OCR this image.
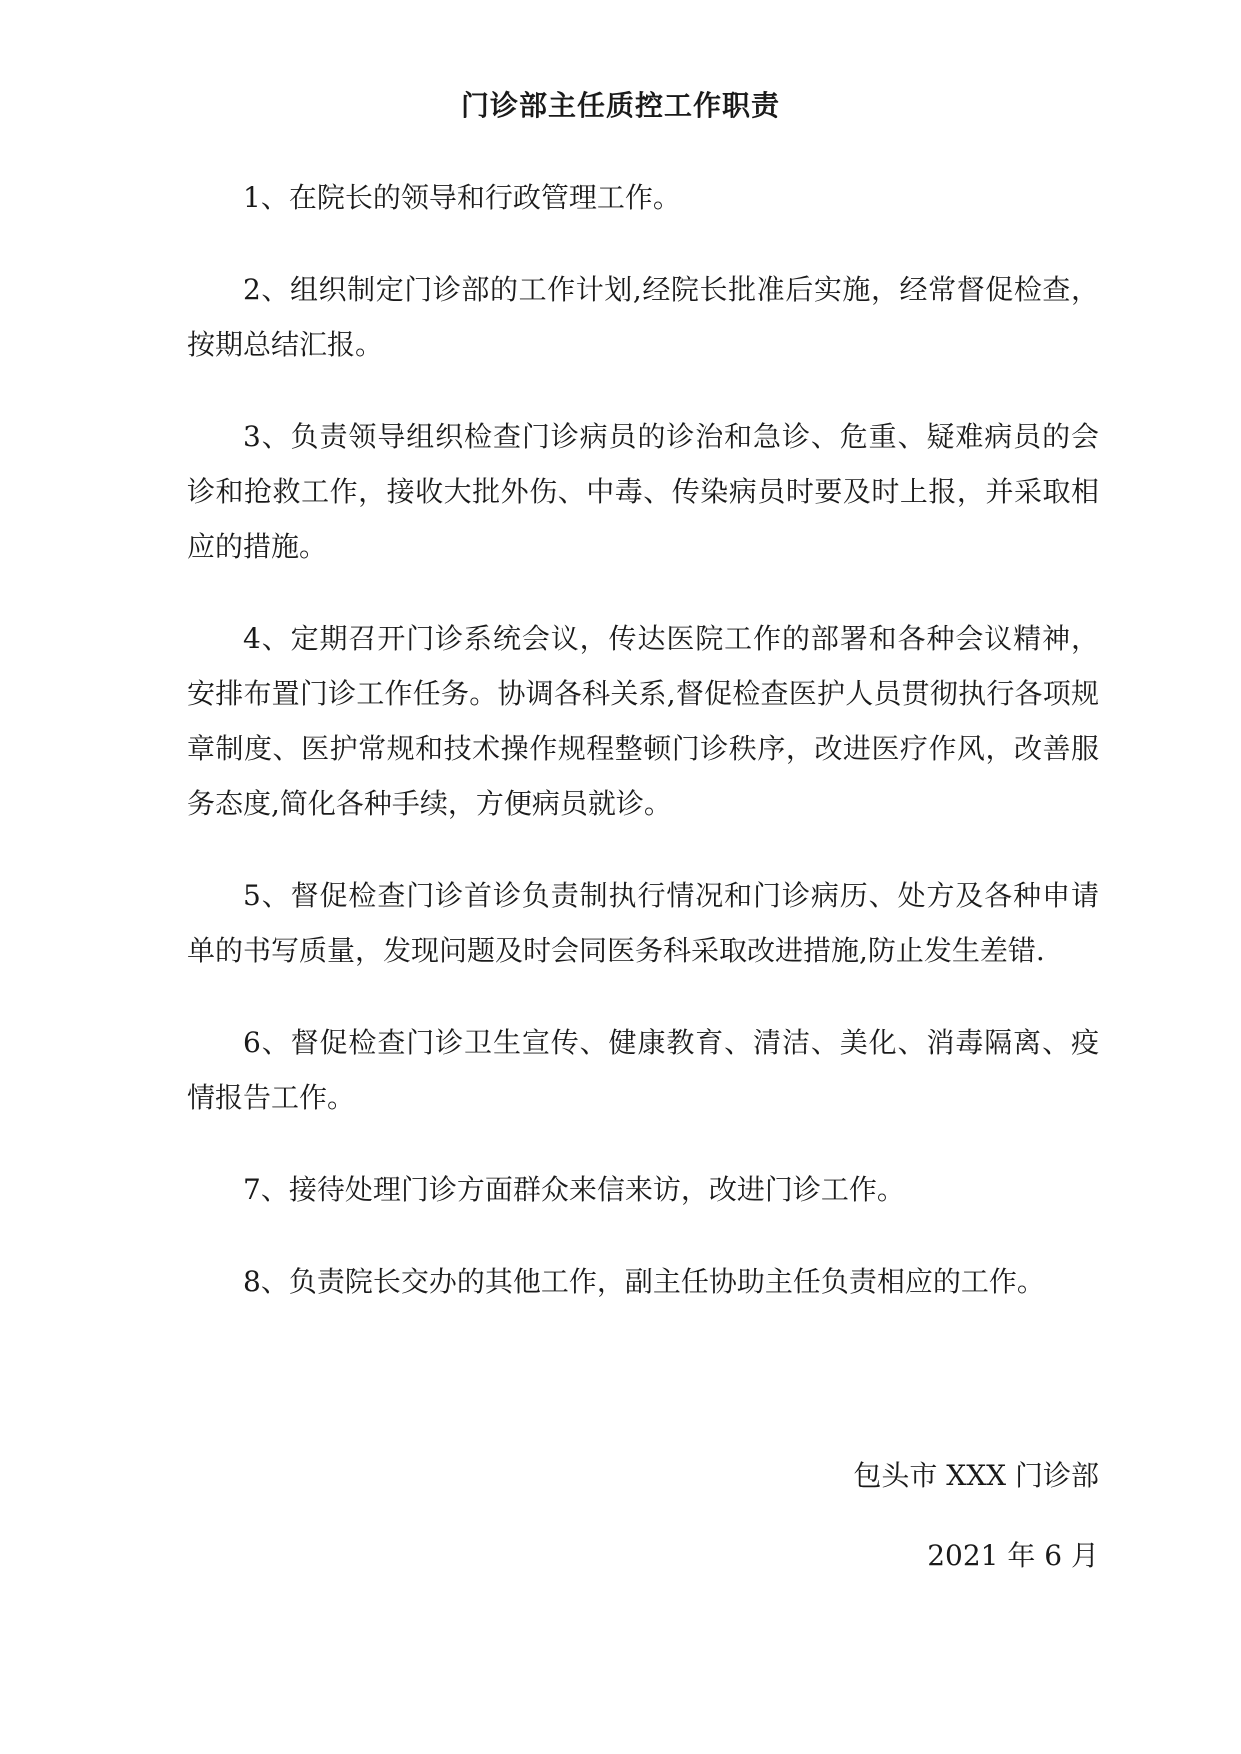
门诊部主任质控工作职责

1、在院长的领导和行政管理工作。

2、组织制定门诊部的工作计划,经院长批准后实施，经常督促检查，按期总结汇报。

3、负责领导组织检查门诊病员的诊治和急诊、危重、疑难病员的会诊和抢救工作，接收大批外伤、中毒、传染病员时要及时上报，并采取相应的措施。

4、定期召开门诊系统会议，传达医院工作的部署和各种会议精神，安排布置门诊工作任务。协调各科关系,督促检查医护人员贯彻执行各项规章制度、医护常规和技术操作规程整顿门诊秩序，改进医疗作风，改善服务态度,简化各种手续，方便病员就诊。

5、督促检查门诊首诊负责制执行情况和门诊病历、处方及各种申请单的书写质量，发现问题及时会同医务科采取改进措施,防止发生差错.

6、督促检查门诊卫生宣传、健康教育、清洁、美化、消毒隔离、疫情报告工作。

7、接待处理门诊方面群众来信来访，改进门诊工作。

8、负责院长交办的其他工作，副主任协助主任负责相应的工作。

包头市 XXX 门诊部
2021 年 6 月
